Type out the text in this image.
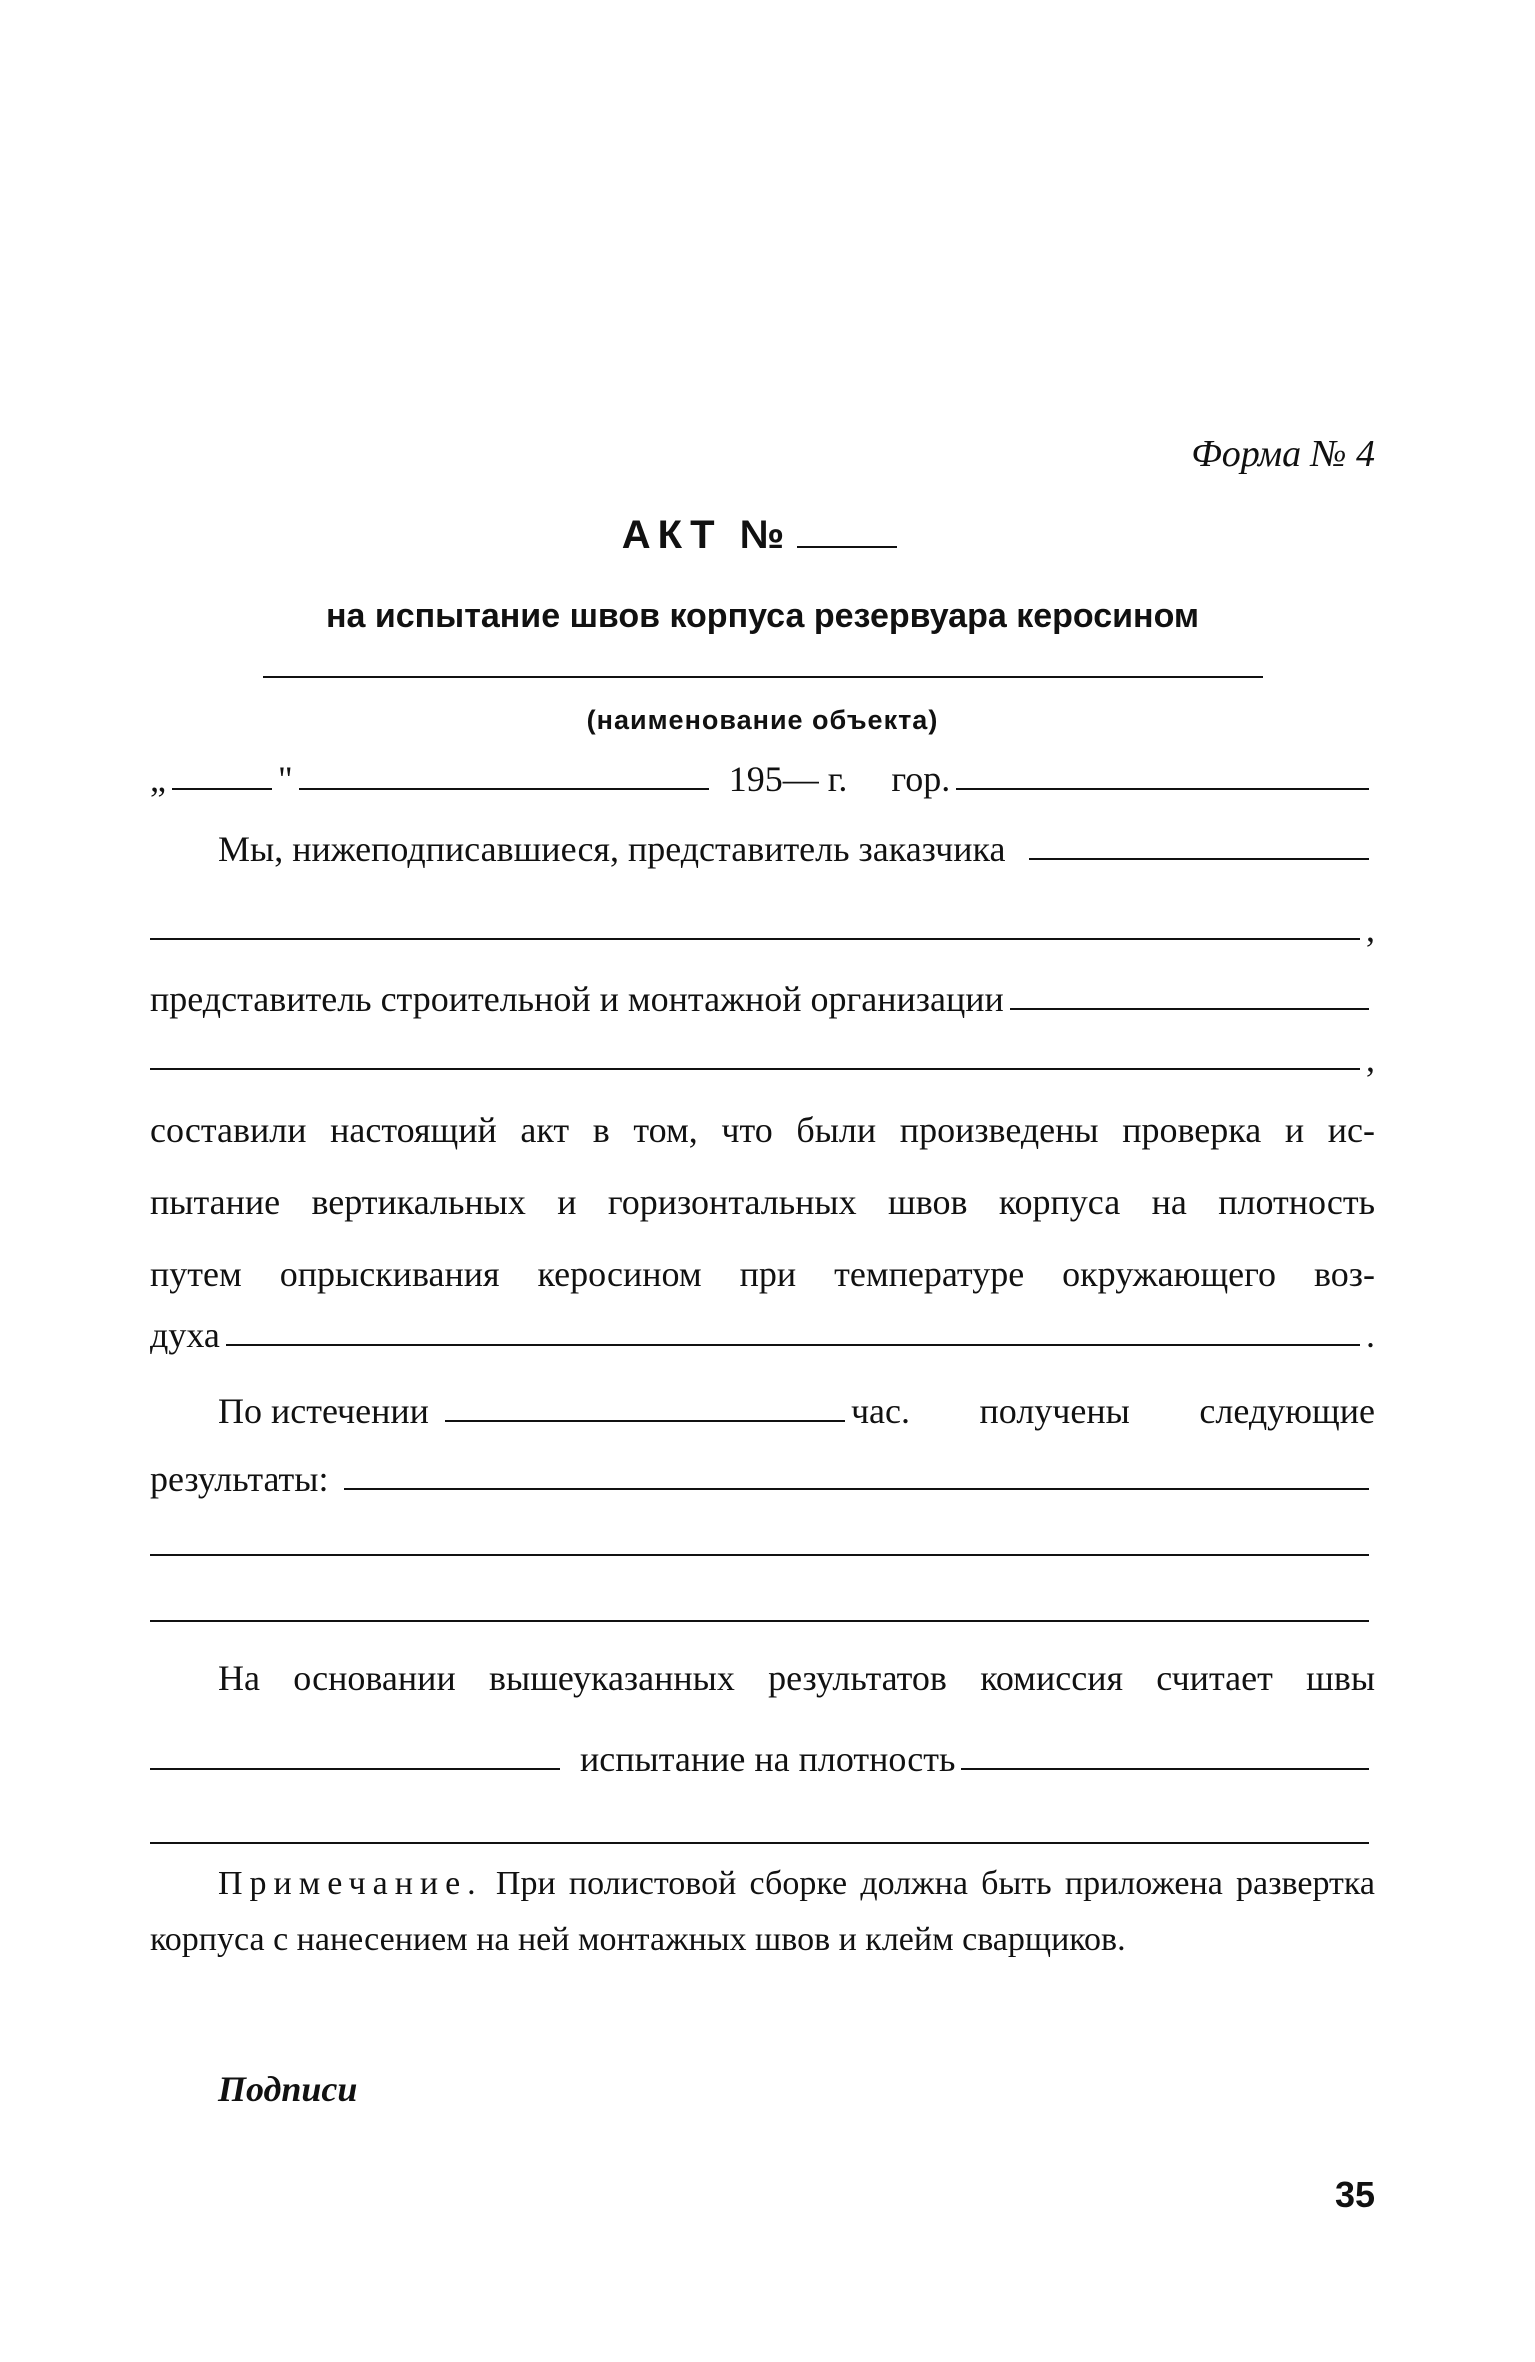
Форма № 4
АКТ №
на испытание швов корпуса резервуара керосином
(наименование объекта)
„	"	195— г. гор.
Мы, нижеподписавшиеся, представитель заказчика
,
представитель строительной и монтажной организации
,
составили настоящий акт в том, что были произведены проверка и ис-
пытание вертикальных и горизонтальных швов корпуса на плотность
путем опрыскивания керосином при температуре окружающего воз-
духа	.
По истечении	час. получены следующие
результаты:
На основании вышеуказанных результатов комиссия считает швы
испытание на плотность
Примечание. При полистовой сборке должна быть приложена развертка корпуса с нанесением на ней монтажных швов и клейм сварщиков.
Подписи
35
